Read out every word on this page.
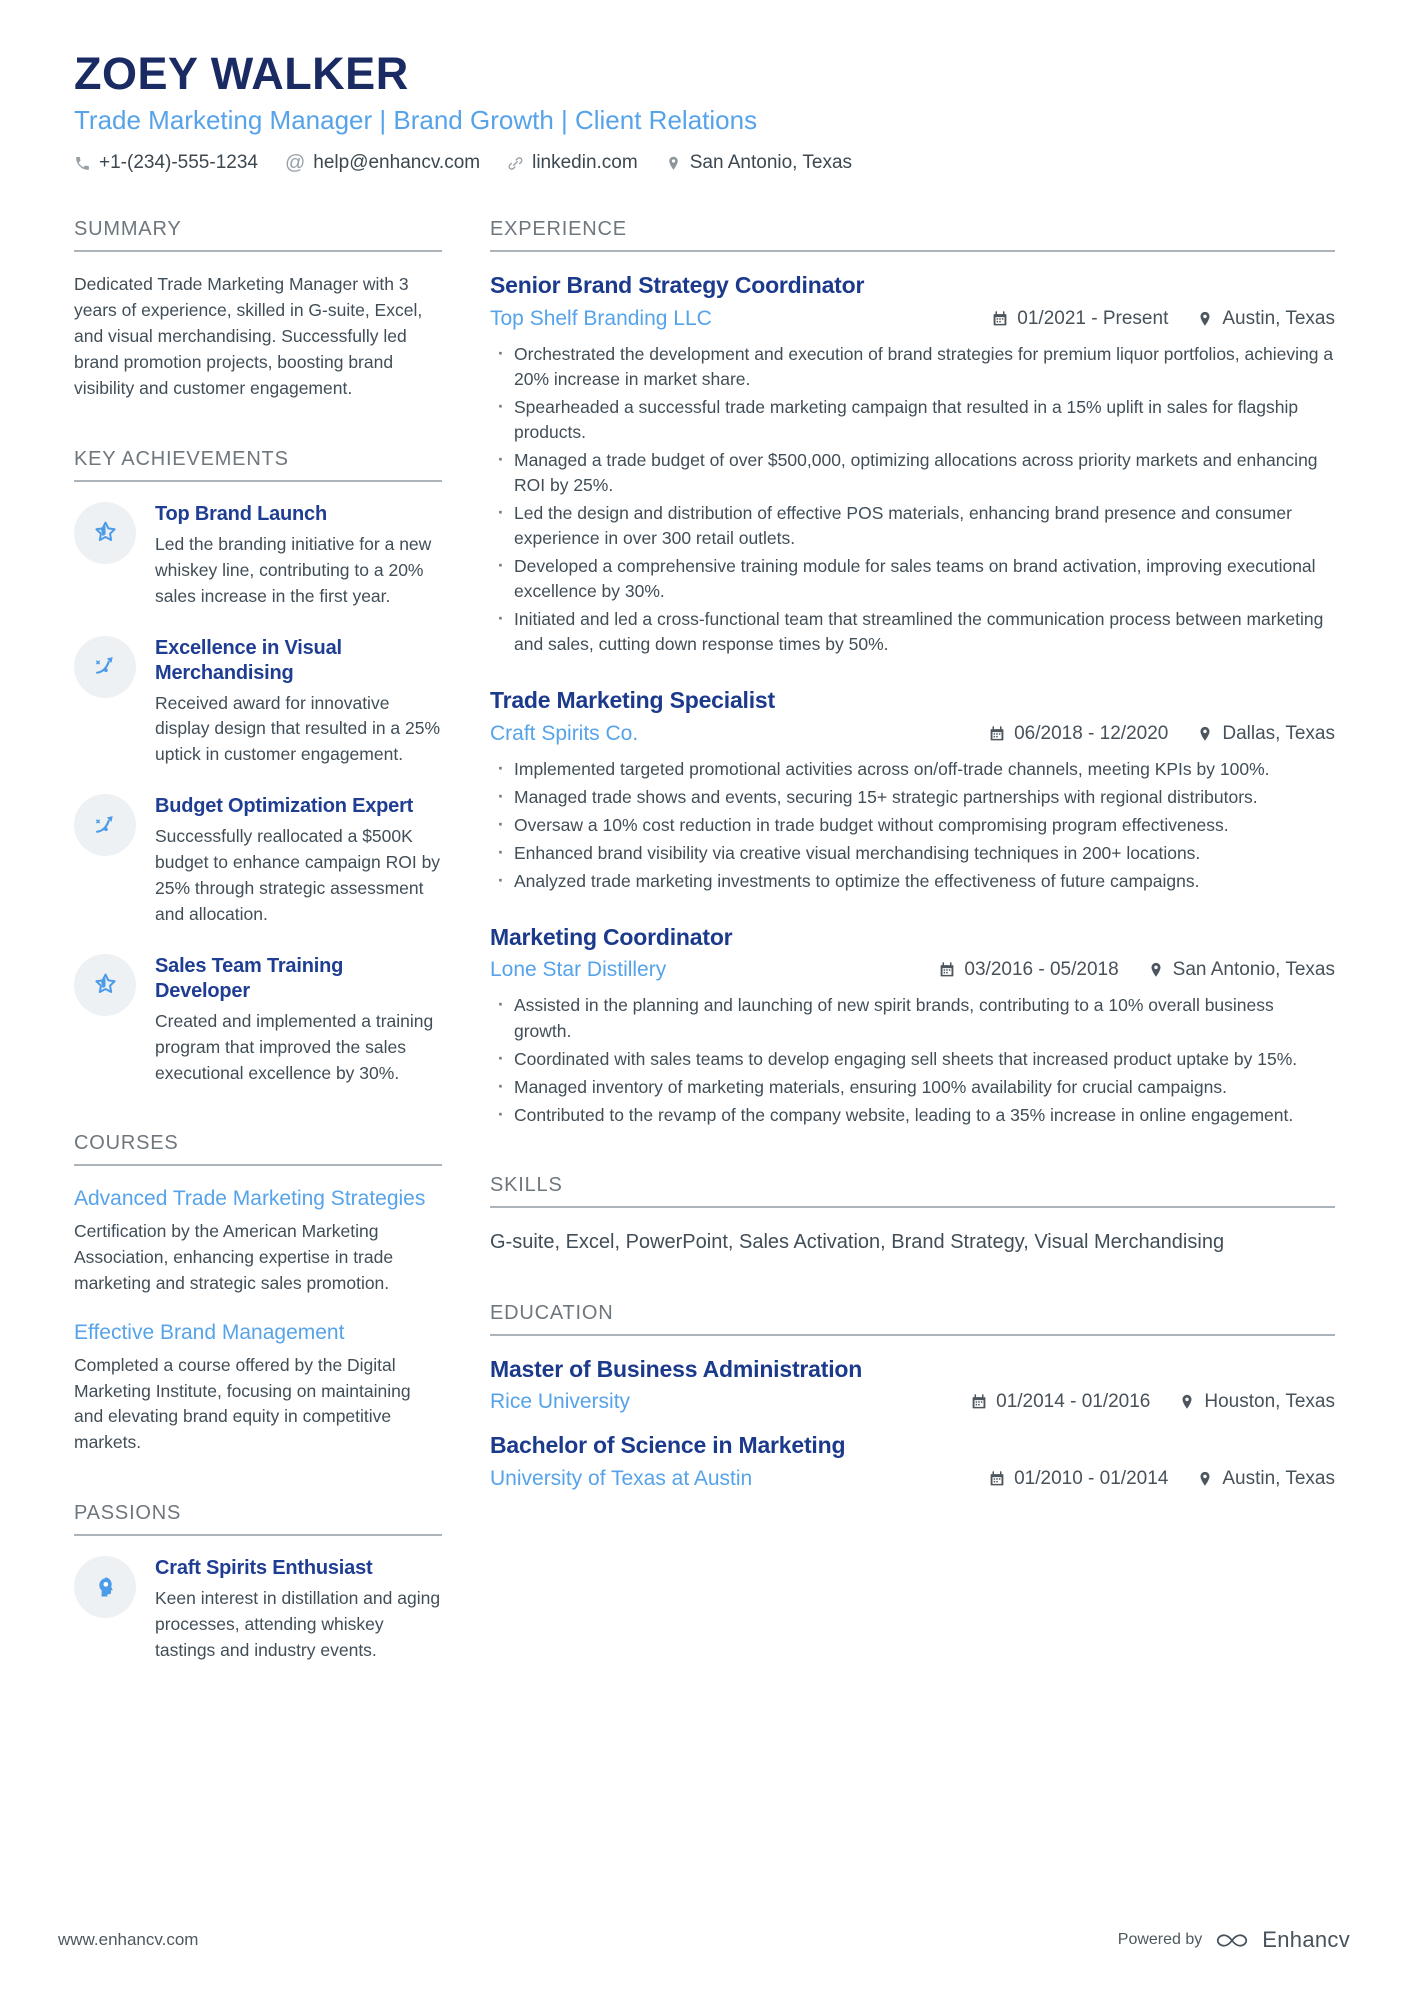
ZOEY WALKER
Trade Marketing Manager | Brand Growth | Client Relations
+1-(234)-555-1234 @	help@enhancv.com	linkedin.com	San Antonio, Texas
SUMMARY

Dedicated Trade Marketing Manager with 3 years of experience, skilled in G-suite, Excel, and visual merchandising. Successfully led brand promotion projects, boosting brand visibility and customer engagement.

KEY ACHIEVEMENTS
Top Brand Launch

Led the branding initiative for a new whiskey line, contributing to a 20% sales increase in the first year.

Excellence in Visual Merchandising

Received award for innovative display design that resulted in a 25% uptick in customer engagement.

Budget Optimization Expert

Successfully reallocated a $500K budget to enhance campaign ROI by 25% through strategic assessment and allocation.

Sales Team Training Developer

Created and implemented a training program that improved the sales executional excellence by 30%.

COURSES
Advanced Trade Marketing Strategies

Certification by the American Marketing Association, enhancing expertise in trade marketing and strategic sales promotion.

Effective Brand Management

Completed a course offered by the Digital Marketing Institute, focusing on maintaining and elevating brand equity in competitive markets.

PASSIONS
Craft Spirits Enthusiast

Keen interest in distillation and aging processes, attending whiskey tastings and industry events.

EXPERIENCE
Senior Brand Strategy Coordinator
Top Shelf Branding LLC	01/2021 - Present	Austin, Texas
· Orchestrated the development and execution of brand strategies for premium liquor portfolios, achieving a 20% increase in market share.
· Spearheaded a successful trade marketing campaign that resulted in a 15% uplift in sales for flagship products.
· Managed a trade budget of over $500,000, optimizing allocations across priority markets and enhancing ROI by 25%.
· Led the design and distribution of effective POS materials, enhancing brand presence and consumer experience in over 300 retail outlets.
· Developed a comprehensive training module for sales teams on brand activation, improving executional excellence by 30%.
· Initiated and led a cross-functional team that streamlined the communication process between marketing and sales, cutting down response times by 50%.
Trade Marketing Specialist
Craft Spirits Co.	06/2018 - 12/2020	Dallas, Texas
· Implemented targeted promotional activities across on/off-trade channels, meeting KPIs by 100%.
· Managed trade shows and events, securing 15+ strategic partnerships with regional distributors.
· Oversaw a 10% cost reduction in trade budget without compromising program effectiveness.
· Enhanced brand visibility via creative visual merchandising techniques in 200+ locations.
· Analyzed trade marketing investments to optimize the effectiveness of future campaigns.
Marketing Coordinator
Lone Star Distillery	03/2016 - 05/2018	San Antonio, Texas
· Assisted in the planning and launching of new spirit brands, contributing to a 10% overall business growth.
· Coordinated with sales teams to develop engaging sell sheets that increased product uptake by 15%.
· Managed inventory of marketing materials, ensuring 100% availability for crucial campaigns.
· Contributed to the revamp of the company website, leading to a 35% increase in online engagement.
SKILLS

G-suite, Excel, PowerPoint, Sales Activation, Brand Strategy, Visual Merchandising

EDUCATION
Master of Business Administration
Rice University	01/2014 - 01/2016	Houston, Texas
Bachelor of Science in Marketing
University of Texas at Austin	01/2010 - 01/2014	Austin, Texas
www.enhancv.com	Powered by	Enhancv
